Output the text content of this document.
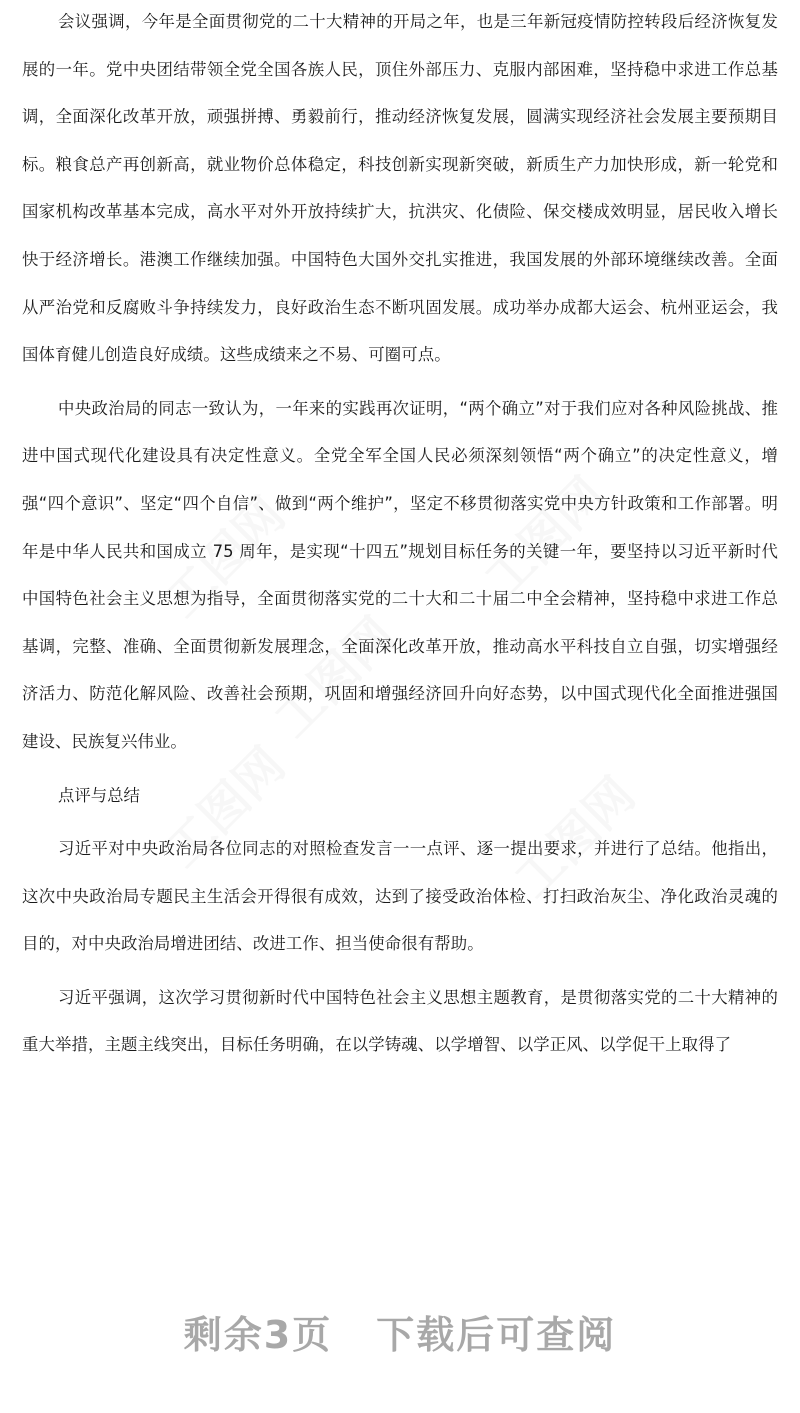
工图网	工图网
工图网
工图网	工图网

会议强调，今年是全面贯彻党的二十大精神的开局之年，也是三年新冠疫情防控转段后经济恢复发展的一年。党中央团结带领全党全国各族人民，顶住外部压力、克服内部困难，坚持稳中求进工作总基调，全面深化改革开放，顽强拼搏、勇毅前行，推动经济恢复发展，圆满实现经济社会发展主要预期目标。粮食总产再创新高，就业物价总体稳定，科技创新实现新突破，新质生产力加快形成，新一轮党和国家机构改革基本完成，高水平对外开放持续扩大，抗洪灾、化债险、保交楼成效明显，居民收入增长快于经济增长。港澳工作继续加强。中国特色大国外交扎实推进，我国发展的外部环境继续改善。全面从严治党和反腐败斗争持续发力，良好政治生态不断巩固发展。成功举办成都大运会、杭州亚运会，我国体育健儿创造良好成绩。这些成绩来之不易、可圈可点。

中央政治局的同志一致认为，一年来的实践再次证明，“两个确立”对于我们应对各种风险挑战、推进中国式现代化建设具有决定性意义。全党全军全国人民必须深刻领悟“两个确立”的决定性意义，增强“四个意识”、坚定“四个自信”、做到“两个维护”，坚定不移贯彻落实党中央方针政策和工作部署。明年是中华人民共和国成立 75 周年，是实现“十四五”规划目标任务的关键一年，要坚持以习近平新时代中国特色社会主义思想为指导，全面贯彻落实党的二十大和二十届二中全会精神，坚持稳中求进工作总基调，完整、准确、全面贯彻新发展理念，全面深化改革开放，推动高水平科技自立自强，切实增强经济活力、防范化解风险、改善社会预期，巩固和增强经济回升向好态势，以中国式现代化全面推进强国建设、民族复兴伟业。

点评与总结

习近平对中央政治局各位同志的对照检查发言一一点评、逐一提出要求，并进行了总结。他指出，这次中央政治局专题民主生活会开得很有成效，达到了接受政治体检、打扫政治灰尘、净化政治灵魂的目的，对中央政治局增进团结、改进工作、担当使命很有帮助。

习近平强调，这次学习贯彻新时代中国特色社会主义思想主题教育，是贯彻落实党的二十大精神的重大举措，主题主线突出，目标任务明确，在以学铸魂、以学增智、以学正风、以学促干上取得了

剩余3页 下载后可查阅
